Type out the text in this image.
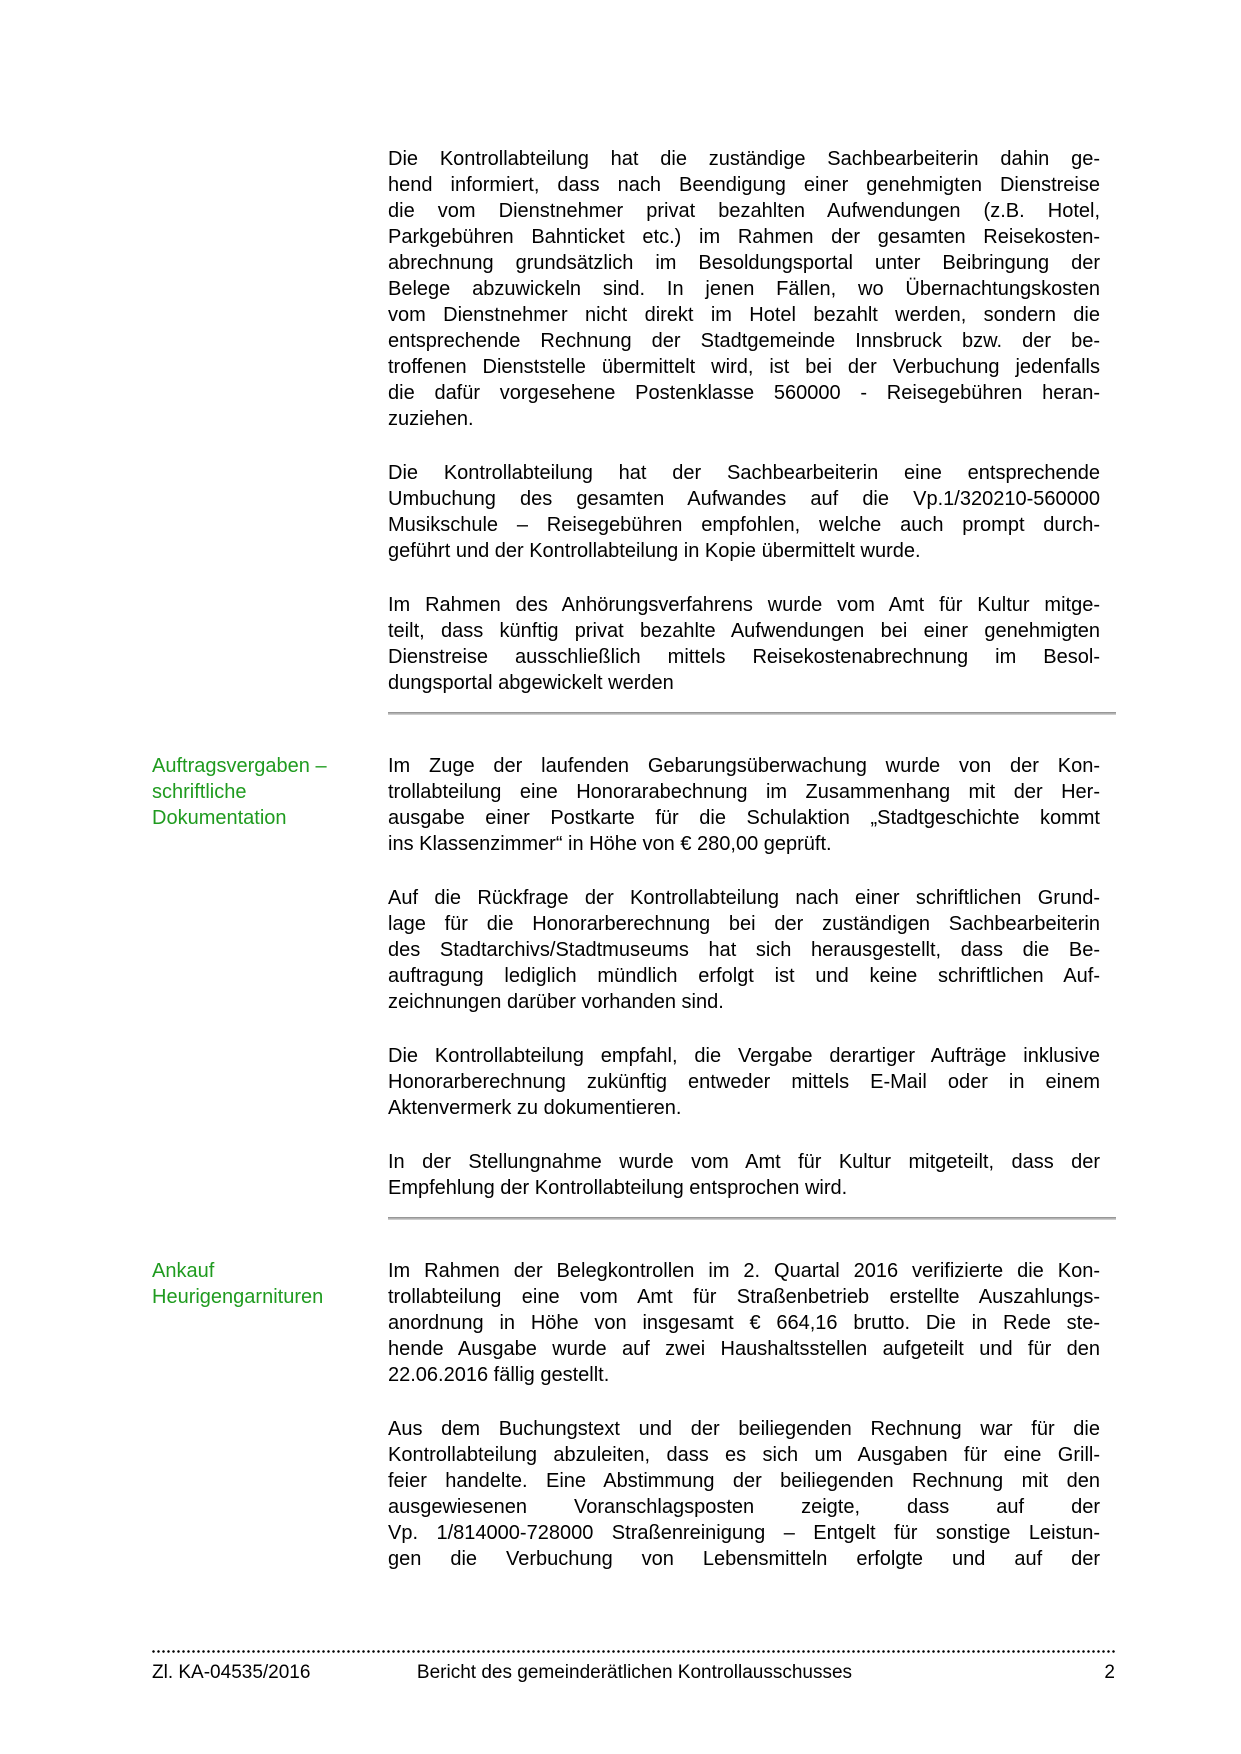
Die Kontrollabteilung hat die zuständige Sachbearbeiterin dahin ge-
hend informiert, dass nach Beendigung einer genehmigten Dienstreise
die vom Dienstnehmer privat bezahlten Aufwendungen (z.B. Hotel,
Parkgebühren Bahnticket etc.) im Rahmen der gesamten Reisekosten-
abrechnung grundsätzlich im Besoldungsportal unter Beibringung der
Belege abzuwickeln sind. In jenen Fällen, wo Übernachtungskosten
vom Dienstnehmer nicht direkt im Hotel bezahlt werden, sondern die
entsprechende Rechnung der Stadtgemeinde Innsbruck bzw. der be-
troffenen Dienststelle übermittelt wird, ist bei der Verbuchung jedenfalls
die dafür vorgesehene Postenklasse 560000 - Reisegebühren heran-
zuziehen.
Die Kontrollabteilung hat der Sachbearbeiterin eine entsprechende
Umbuchung des gesamten Aufwandes auf die Vp.1/320210-560000
Musikschule – Reisegebühren empfohlen, welche auch prompt durch-
geführt und der Kontrollabteilung in Kopie übermittelt wurde.
Im Rahmen des Anhörungsverfahrens wurde vom Amt für Kultur mitge-
teilt, dass künftig privat bezahlte Aufwendungen bei einer genehmigten
Dienstreise ausschließlich mittels Reisekostenabrechnung im Besol-
dungsportal abgewickelt werden
Auftragsvergaben – schriftliche Dokumentation
Im Zuge der laufenden Gebarungsüberwachung wurde von der Kon-
trollabteilung eine Honorarabechnung im Zusammenhang mit der Her-
ausgabe einer Postkarte für die Schulaktion „Stadtgeschichte kommt
ins Klassenzimmer“ in Höhe von € 280,00 geprüft.
Auf die Rückfrage der Kontrollabteilung nach einer schriftlichen Grund-
lage für die Honorarberechnung bei der zuständigen Sachbearbeiterin
des Stadtarchivs/Stadtmuseums hat sich herausgestellt, dass die Be-
auftragung lediglich mündlich erfolgt ist und keine schriftlichen Auf-
zeichnungen darüber vorhanden sind.
Die Kontrollabteilung empfahl, die Vergabe derartiger Aufträge inklusive
Honorarberechnung zukünftig entweder mittels E-Mail oder in einem
Aktenvermerk zu dokumentieren.
In der Stellungnahme wurde vom Amt für Kultur mitgeteilt, dass der
Empfehlung der Kontrollabteilung entsprochen wird.
Ankauf Heurigengarnituren
Im Rahmen der Belegkontrollen im 2. Quartal 2016 verifizierte die Kon-
trollabteilung eine vom Amt für Straßenbetrieb erstellte Auszahlungs-
anordnung in Höhe von insgesamt € 664,16 brutto. Die in Rede ste-
hende Ausgabe wurde auf zwei Haushaltsstellen aufgeteilt und für den
22.06.2016 fällig gestellt.
Aus dem Buchungstext und der beiliegenden Rechnung war für die
Kontrollabteilung abzuleiten, dass es sich um Ausgaben für eine Grill-
feier handelte. Eine Abstimmung der beiliegenden Rechnung mit den
ausgewiesenen Voranschlagsposten zeigte, dass auf der
Vp. 1/814000-728000 Straßenreinigung – Entgelt für sonstige Leistun-
gen die Verbuchung von Lebensmitteln erfolgte und auf der
Zl. KA-04535/2016	Bericht des gemeinderätlichen Kontrollausschusses	2
